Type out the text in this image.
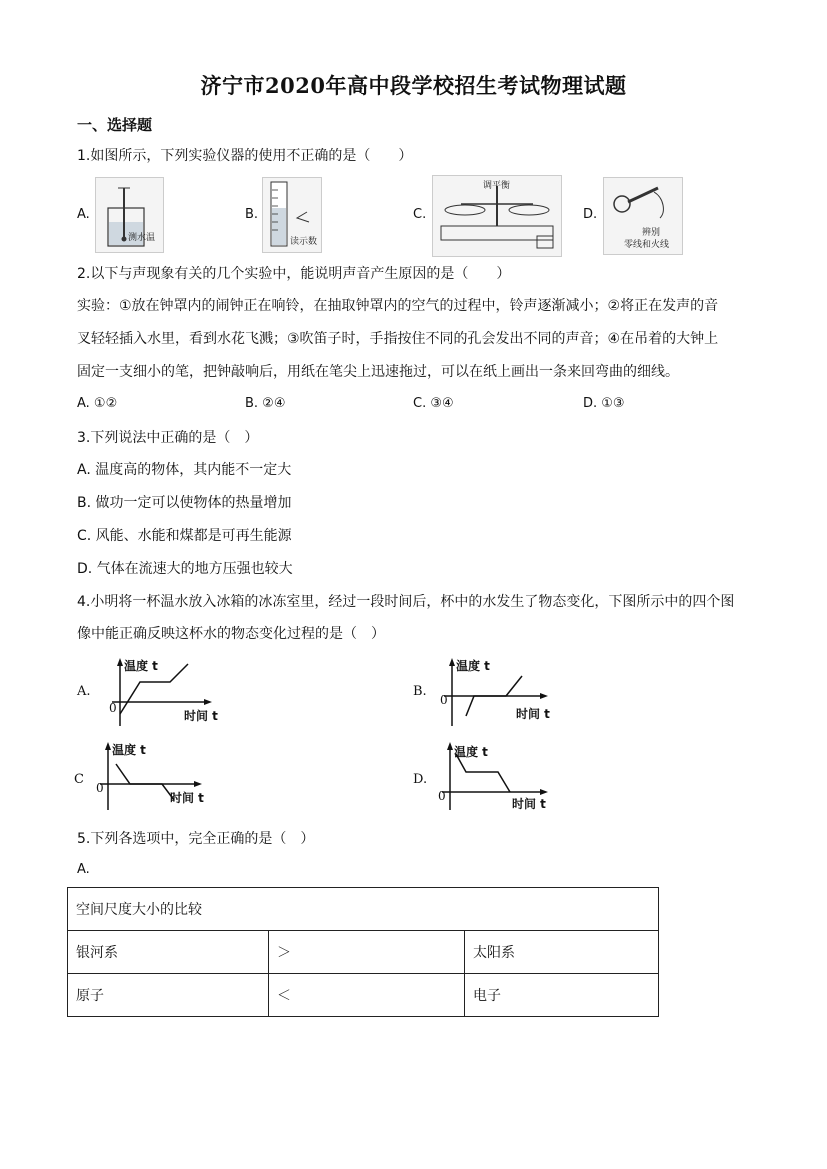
济宁市2020年高中段学校招生考试物理试题
一、选择题
1.如图所示，下列实验仪器的使用不正确的是（　　）
A.
测水温
B.
读示数
C.
调平衡
D.
辨别
零线和火线
2.以下与声现象有关的几个实验中，能说明声音产生原因的是（　　）
实验：①放在钟罩内的闹钟正在响铃，在抽取钟罩内的空气的过程中，铃声逐渐减小；②将正在发声的音
叉轻轻插入水里，看到水花飞溅；③吹笛子时，手指按住不同的孔会发出不同的声音；④在吊着的大钟上
固定一支细小的笔，把钟敲响后，用纸在笔尖上迅速拖过，可以在纸上画出一条来回弯曲的细线。
A. ①②	B. ②④	C. ③④	D. ①③
3.下列说法中正确的是（　）
A. 温度高的物体，其内能不一定大
B. 做功一定可以使物体的热量增加
C. 风能、水能和煤都是可再生能源
D. 气体在流速大的地方压强也较大
4.小明将一杯温水放入冰箱的冰冻室里，经过一段时间后，杯中的水发生了物态变化，下图所示中的四个图
像中能正确反映这杯水的物态变化过程的是（　）
A.
温度 t
时间 t
0
B.
温度 t
时间 t
0
C
温度 t
时间 t
0
D.
温度 t
时间 t
0
5.下列各选项中，完全正确的是（　）
A.
空间尺度大小的比较		
银河系	＞	太阳系
原子	＜	电子
